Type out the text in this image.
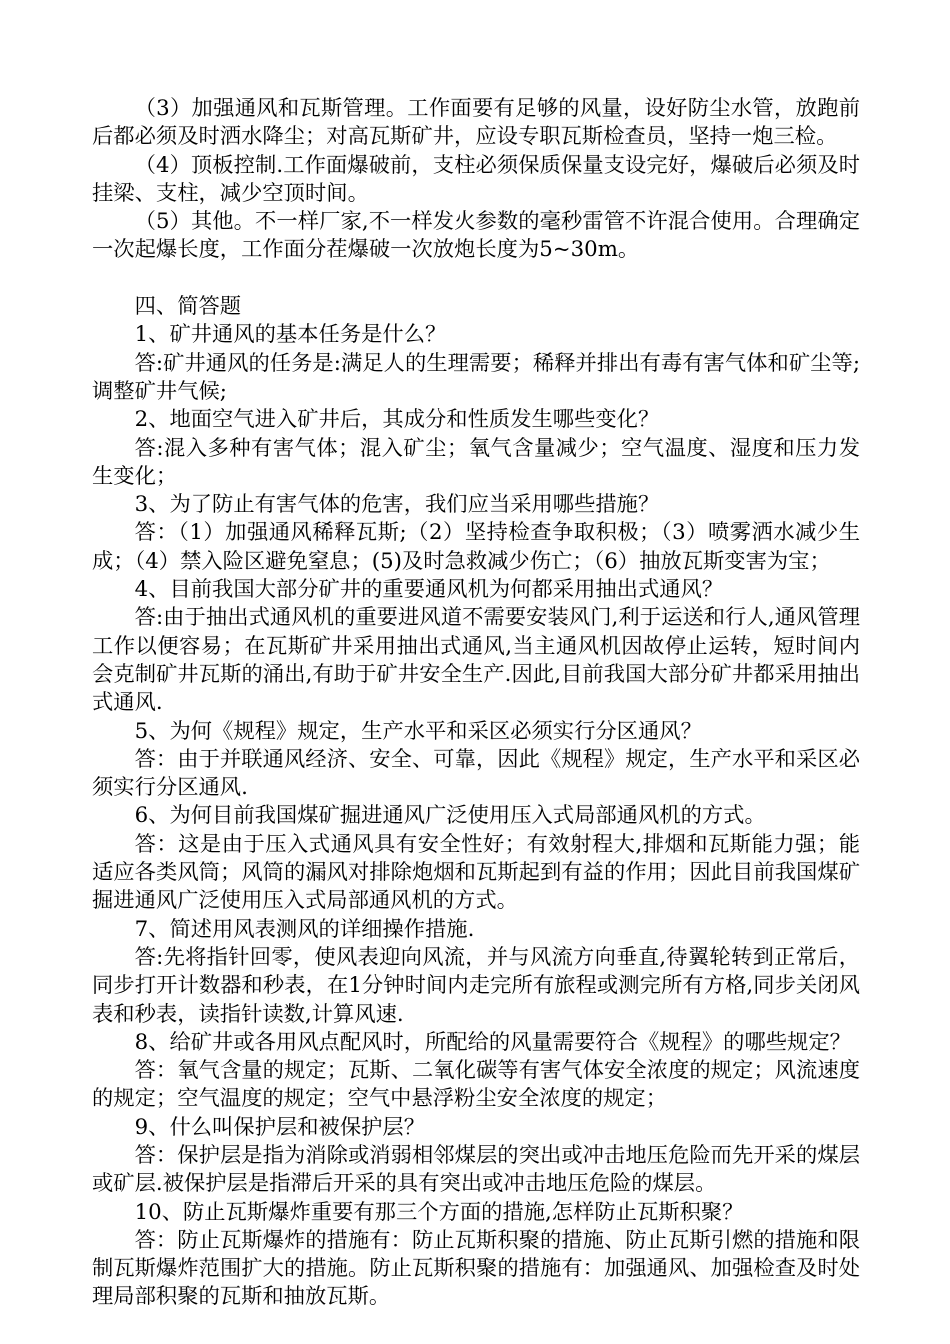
（3）加强通风和瓦斯管理。工作面要有足够的风量，设好防尘水管，放跑前后都必须及时洒水降尘；对高瓦斯矿井，应设专职瓦斯检查员，坚持一炮三检。

（4）顶板控制.工作面爆破前，支柱必须保质保量支设完好，爆破后必须及时挂梁、支柱，减少空顶时间。

（5）其他。不一样厂家,不一样发火参数的毫秒雷管不许混合使用。合理确定一次起爆长度，工作面分茬爆破一次放炮长度为5~30m。

四、简答题

1、矿井通风的基本任务是什么？

答:矿井通风的任务是:满足人的生理需要；稀释并排出有毒有害气体和矿尘等;调整矿井气候;

2、地面空气进入矿井后，其成分和性质发生哪些变化？

答:混入多种有害气体；混入矿尘；氧气含量减少；空气温度、湿度和压力发生变化；

3、为了防止有害气体的危害，我们应当采用哪些措施？

答：（1）加强通风稀释瓦斯;（2）坚持检查争取积极；（3）喷雾洒水减少生成；（4）禁入险区避免窒息；(5)及时急救减少伤亡；（6）抽放瓦斯变害为宝；

4、目前我国大部分矿井的重要通风机为何都采用抽出式通风？

答:由于抽出式通风机的重要进风道不需要安装风门,利于运送和行人,通风管理工作以便容易；在瓦斯矿井采用抽出式通风,当主通风机因故停止运转，短时间内会克制矿井瓦斯的涌出,有助于矿井安全生产.因此,目前我国大部分矿井都采用抽出式通风.

5、为何《规程》规定，生产水平和采区必须实行分区通风？

答：由于并联通风经济、安全、可靠，因此《规程》规定，生产水平和采区必须实行分区通风.

6、为何目前我国煤矿掘进通风广泛使用压入式局部通风机的方式。

答：这是由于压入式通风具有安全性好；有效射程大,排烟和瓦斯能力强；能适应各类风筒；风筒的漏风对排除炮烟和瓦斯起到有益的作用；因此目前我国煤矿掘进通风广泛使用压入式局部通风机的方式。

7、简述用风表测风的详细操作措施.

答:先将指针回零，使风表迎向风流，并与风流方向垂直,待翼轮转到正常后，同步打开计数器和秒表，在1分钟时间内走完所有旅程或测完所有方格,同步关闭风表和秒表，读指针读数,计算风速.

8、给矿井或各用风点配风时，所配给的风量需要符合《规程》的哪些规定？

答：氧气含量的规定；瓦斯、二氧化碳等有害气体安全浓度的规定；风流速度的规定；空气温度的规定；空气中悬浮粉尘安全浓度的规定；

9、什么叫保护层和被保护层？

答：保护层是指为消除或消弱相邻煤层的突出或冲击地压危险而先开采的煤层或矿层.被保护层是指滞后开采的具有突出或冲击地压危险的煤层。

10、防止瓦斯爆炸重要有那三个方面的措施,怎样防止瓦斯积聚？

答：防止瓦斯爆炸的措施有：防止瓦斯积聚的措施、防止瓦斯引燃的措施和限制瓦斯爆炸范围扩大的措施。防止瓦斯积聚的措施有：加强通风、加强检查及时处理局部积聚的瓦斯和抽放瓦斯。
